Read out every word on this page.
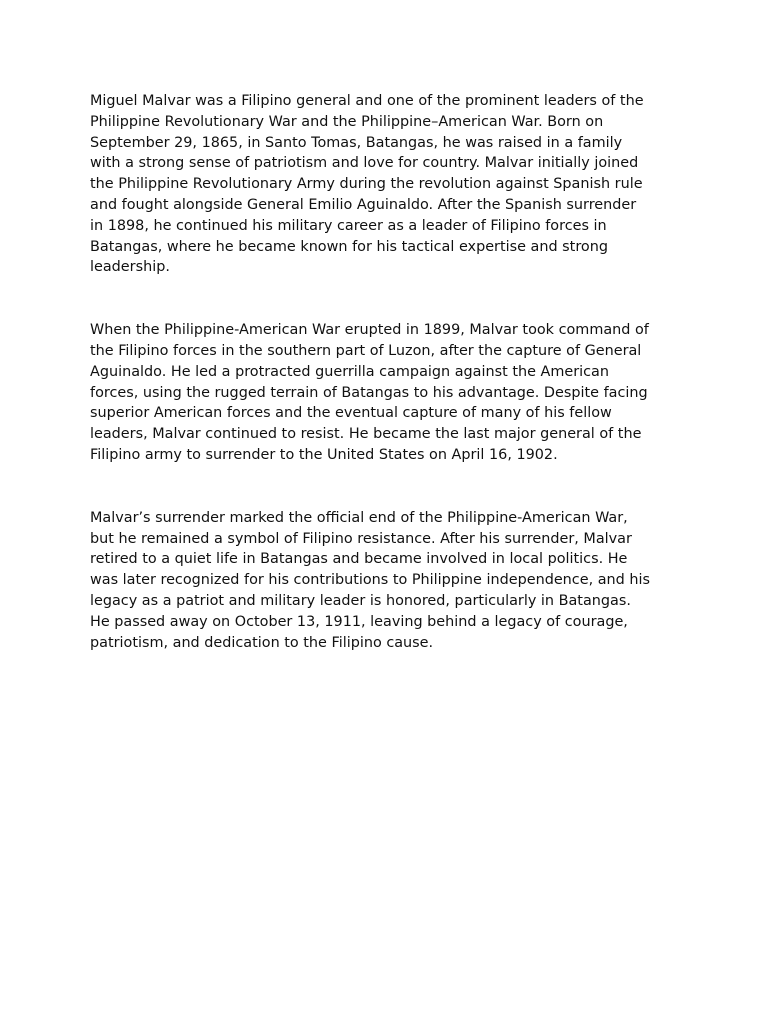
Miguel Malvar was a Filipino general and one of the prominent leaders of the
Philippine Revolutionary War and the Philippine–American War. Born on
September 29, 1865, in Santo Tomas, Batangas, he was raised in a family
with a strong sense of patriotism and love for country. Malvar initially joined
the Philippine Revolutionary Army during the revolution against Spanish rule
and fought alongside General Emilio Aguinaldo. After the Spanish surrender
in 1898, he continued his military career as a leader of Filipino forces in
Batangas, where he became known for his tactical expertise and strong
leadership.

When the Philippine-American War erupted in 1899, Malvar took command of
the Filipino forces in the southern part of Luzon, after the capture of General
Aguinaldo. He led a protracted guerrilla campaign against the American
forces, using the rugged terrain of Batangas to his advantage. Despite facing
superior American forces and the eventual capture of many of his fellow
leaders, Malvar continued to resist. He became the last major general of the
Filipino army to surrender to the United States on April 16, 1902.

Malvar’s surrender marked the official end of the Philippine-American War,
but he remained a symbol of Filipino resistance. After his surrender, Malvar
retired to a quiet life in Batangas and became involved in local politics. He
was later recognized for his contributions to Philippine independence, and his
legacy as a patriot and military leader is honored, particularly in Batangas.
He passed away on October 13, 1911, leaving behind a legacy of courage,
patriotism, and dedication to the Filipino cause.
